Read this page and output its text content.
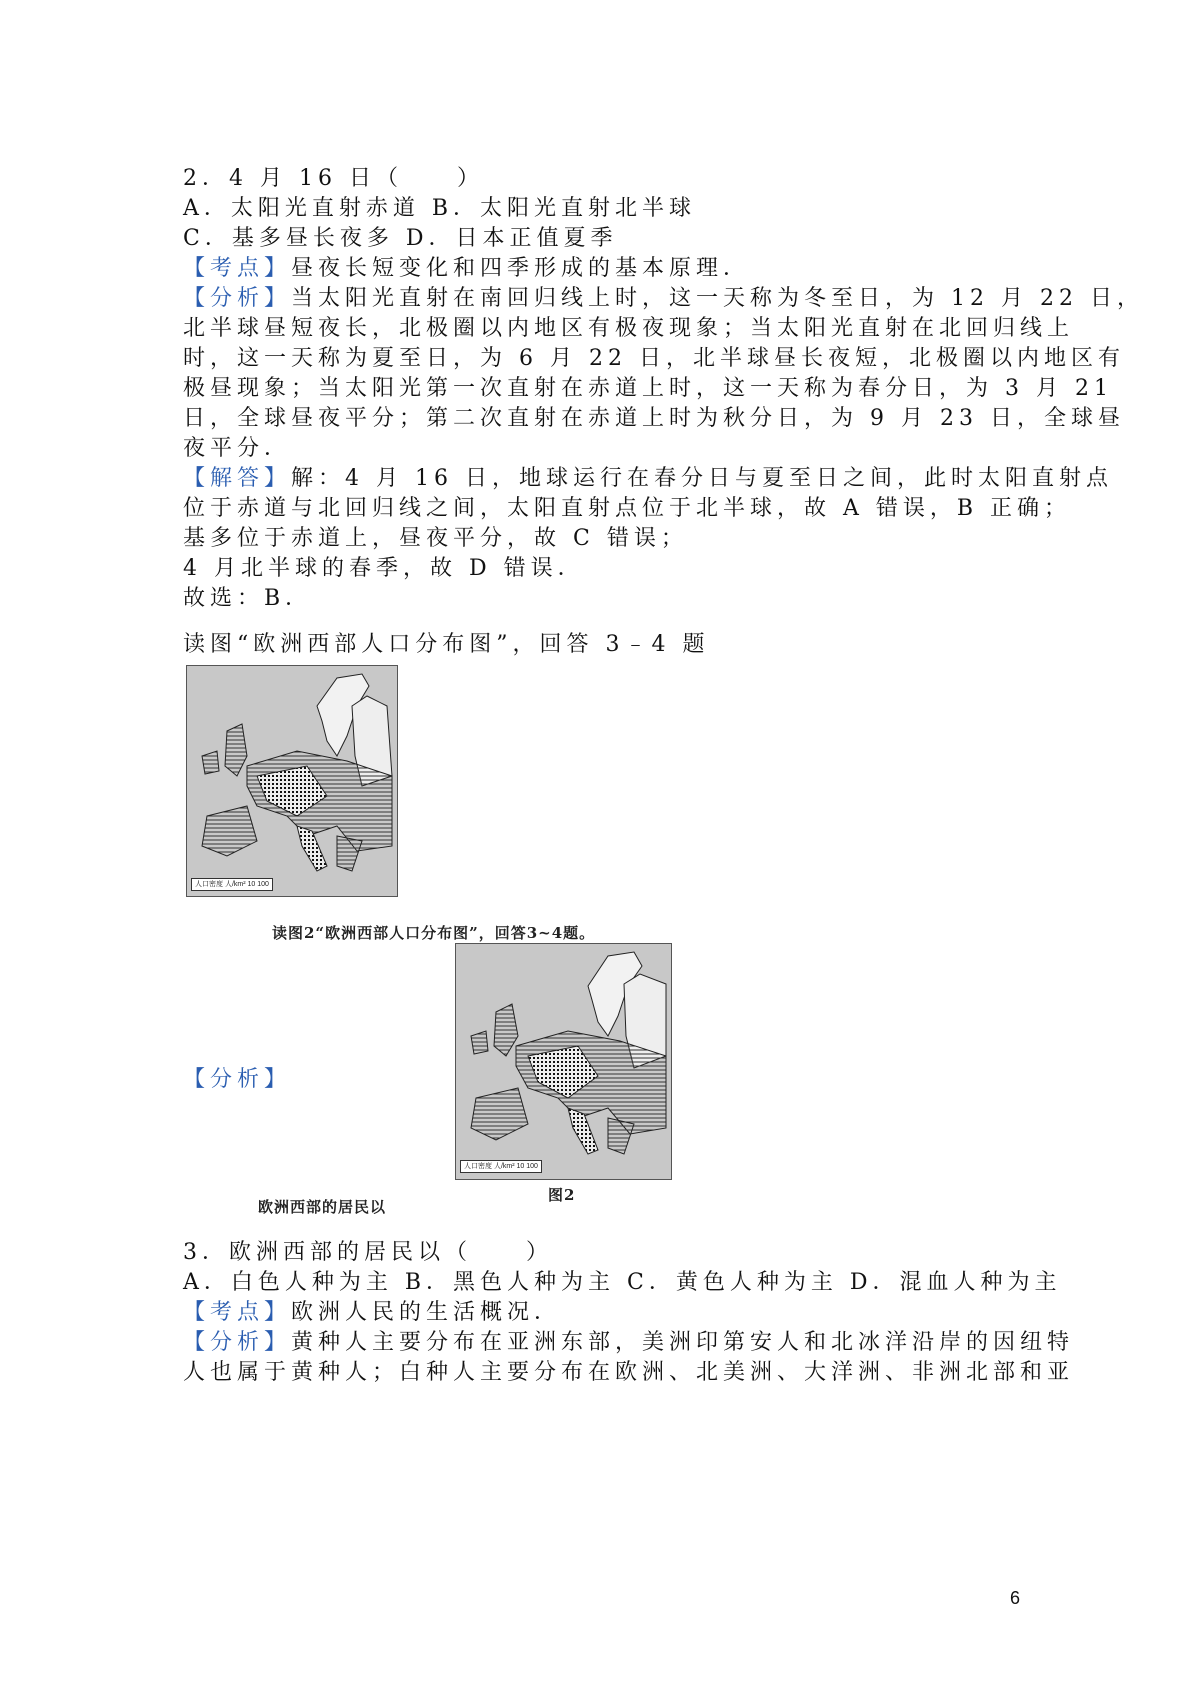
2．4 月 16 日（　　）
A．太阳光直射赤道 B．太阳光直射北半球
C．基多昼长夜多 D．日本正值夏季
【考点】昼夜长短变化和四季形成的基本原理．
【分析】当太阳光直射在南回归线上时，这一天称为冬至日，为 12 月 22 日，
北半球昼短夜长，北极圈以内地区有极夜现象；当太阳光直射在北回归线上
时，这一天称为夏至日，为 6 月 22 日，北半球昼长夜短，北极圈以内地区有
极昼现象；当太阳光第一次直射在赤道上时，这一天称为春分日，为 3 月 21
日，全球昼夜平分；第二次直射在赤道上时为秋分日，为 9 月 23 日，全球昼
夜平分．
【解答】解：4 月 16 日，地球运行在春分日与夏至日之间，此时太阳直射点
位于赤道与北回归线之间，太阳直射点位于北半球，故 A 错误，B 正确；
基多位于赤道上，昼夜平分，故 C 错误；
4 月北半球的春季，故 D 错误．
故选：B．
读图“欧洲西部人口分布图”，回答 3﹣4 题
人口密度 人/km² 10 100
读图2“欧洲西部人口分布图”，回答3~4题。
人口密度 人/km² 10 100
【分析】
欧洲西部的居民以
图2
3．欧洲西部的居民以（　　）
A．白色人种为主 B．黑色人种为主 C．黄色人种为主 D．混血人种为主
【考点】欧洲人民的生活概况．
【分析】黄种人主要分布在亚洲东部，美洲印第安人和北冰洋沿岸的因纽特
人也属于黄种人；白种人主要分布在欧洲、北美洲、大洋洲、非洲北部和亚
6
